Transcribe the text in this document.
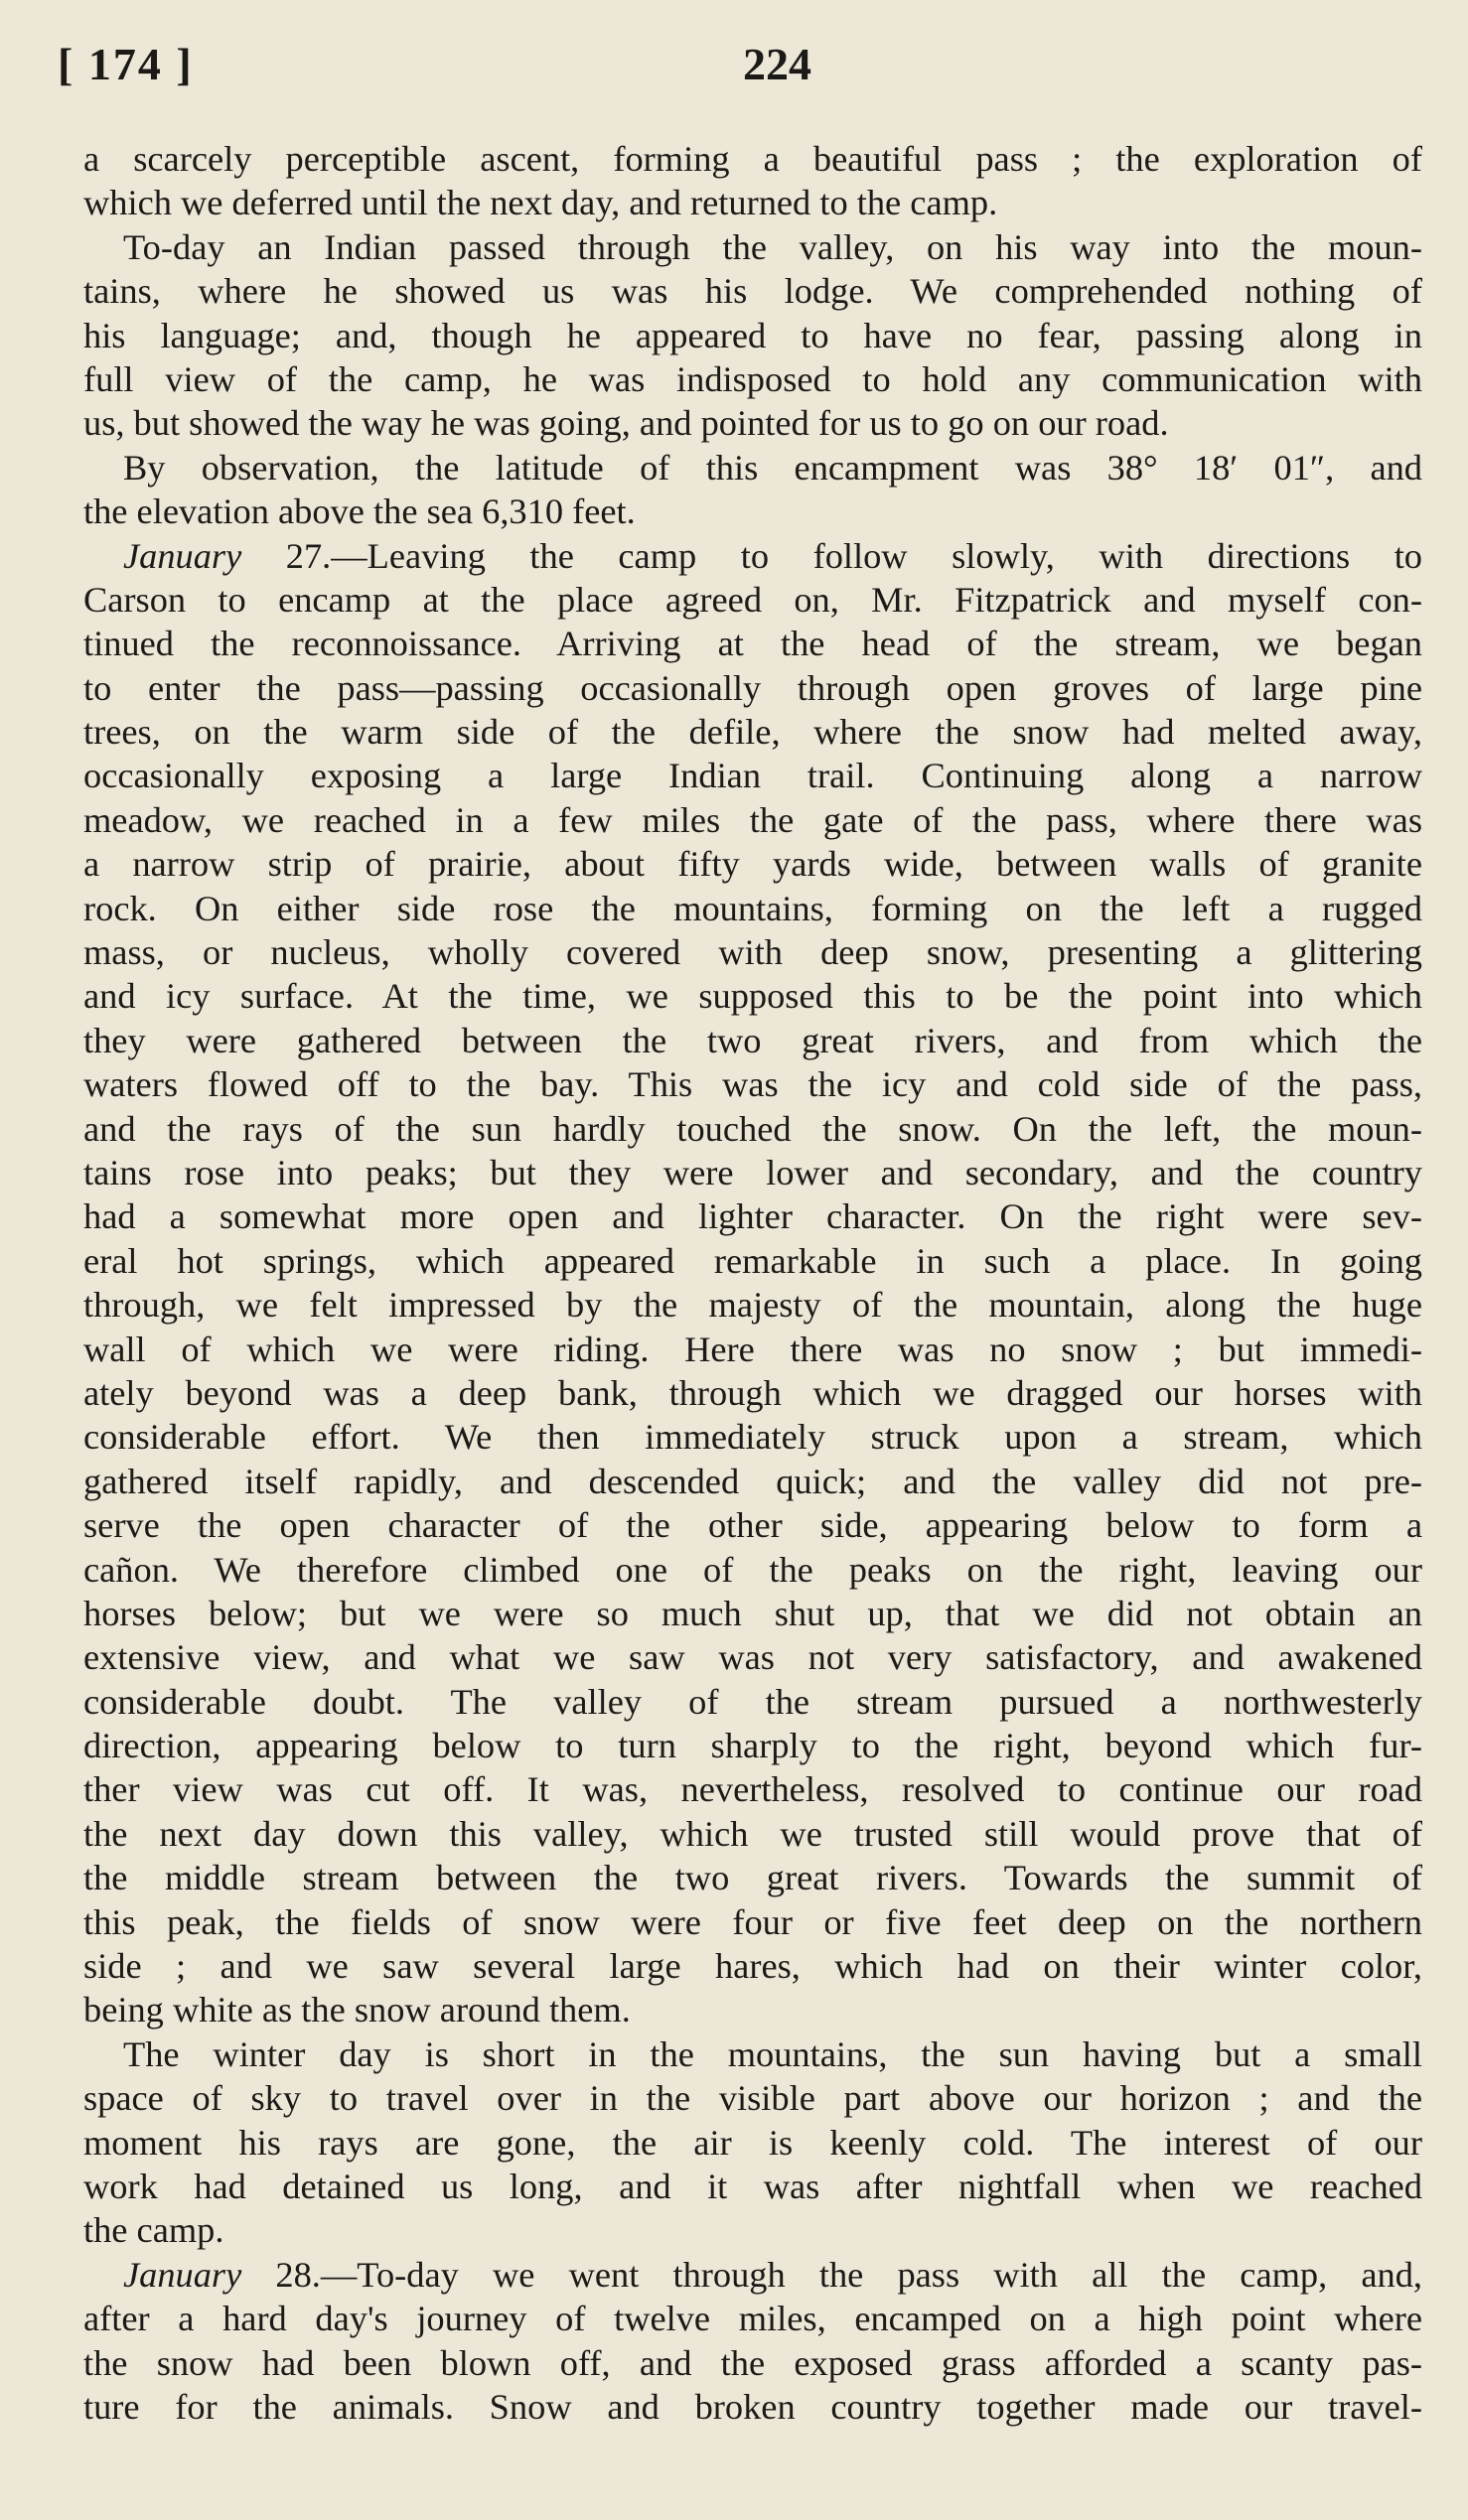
[ 174 ]	224
a scarcely perceptible ascent, forming a beautiful pass ; the exploration of
which we deferred until the next day, and returned to the camp.
To-day an Indian passed through the valley, on his way into the moun-
tains, where he showed us was his lodge. We comprehended nothing of
his language; and, though he appeared to have no fear, passing along in
full view of the camp, he was indisposed to hold any communication with
us, but showed the way he was going, and pointed for us to go on our road.
By observation, the latitude of this encampment was 38° 18′ 01″, and
the elevation above the sea 6,310 feet.
January 27.—Leaving the camp to follow slowly, with directions to
Carson to encamp at the place agreed on, Mr. Fitzpatrick and myself con-
tinued the reconnoissance. Arriving at the head of the stream, we began
to enter the pass—passing occasionally through open groves of large pine
trees, on the warm side of the defile, where the snow had melted away,
occasionally exposing a large Indian trail. Continuing along a narrow
meadow, we reached in a few miles the gate of the pass, where there was
a narrow strip of prairie, about fifty yards wide, between walls of granite
rock. On either side rose the mountains, forming on the left a rugged
mass, or nucleus, wholly covered with deep snow, presenting a glittering
and icy surface. At the time, we supposed this to be the point into which
they were gathered between the two great rivers, and from which the
waters flowed off to the bay. This was the icy and cold side of the pass,
and the rays of the sun hardly touched the snow. On the left, the moun-
tains rose into peaks; but they were lower and secondary, and the country
had a somewhat more open and lighter character. On the right were sev-
eral hot springs, which appeared remarkable in such a place. In going
through, we felt impressed by the majesty of the mountain, along the huge
wall of which we were riding. Here there was no snow ; but immedi-
ately beyond was a deep bank, through which we dragged our horses with
considerable effort. We then immediately struck upon a stream, which
gathered itself rapidly, and descended quick; and the valley did not pre-
serve the open character of the other side, appearing below to form a
cañon. We therefore climbed one of the peaks on the right, leaving our
horses below; but we were so much shut up, that we did not obtain an
extensive view, and what we saw was not very satisfactory, and awakened
considerable doubt. The valley of the stream pursued a northwesterly
direction, appearing below to turn sharply to the right, beyond which fur-
ther view was cut off. It was, nevertheless, resolved to continue our road
the next day down this valley, which we trusted still would prove that of
the middle stream between the two great rivers. Towards the summit of
this peak, the fields of snow were four or five feet deep on the northern
side ; and we saw several large hares, which had on their winter color,
being white as the snow around them.
The winter day is short in the mountains, the sun having but a small
space of sky to travel over in the visible part above our horizon ; and the
moment his rays are gone, the air is keenly cold. The interest of our
work had detained us long, and it was after nightfall when we reached
the camp.
January 28.—To-day we went through the pass with all the camp, and,
after a hard day's journey of twelve miles, encamped on a high point where
the snow had been blown off, and the exposed grass afforded a scanty pas-
ture for the animals. Snow and broken country together made our travel-
